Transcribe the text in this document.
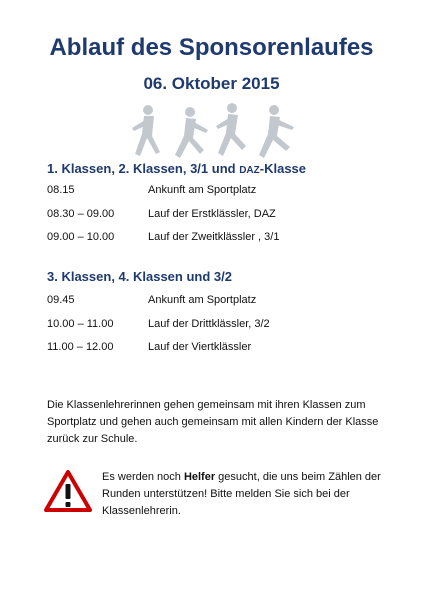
Ablauf des Sponsorenlaufes
06. Oktober 2015
1. Klassen, 2. Klassen, 3/1 und DAZ-Klasse
08.15	Ankunft am Sportplatz
08.30 – 09.00	Lauf der Erstklässler, DAZ
09.00 – 10.00	Lauf der Zweitklässler , 3/1
3. Klassen, 4. Klassen und 3/2
09.45	Ankunft am Sportplatz
10.00 – 11.00	Lauf der Drittklässler, 3/2
11.00 – 12.00	Lauf der Viertklässler
Die Klassenlehrerinnen gehen gemeinsam mit ihren Klassen zum Sportplatz und gehen auch gemeinsam mit allen Kindern der Klasse zurück zur Schule.
Es werden noch Helfer gesucht, die uns beim Zählen der Runden unterstützen! Bitte melden Sie sich bei der Klassenlehrerin.
